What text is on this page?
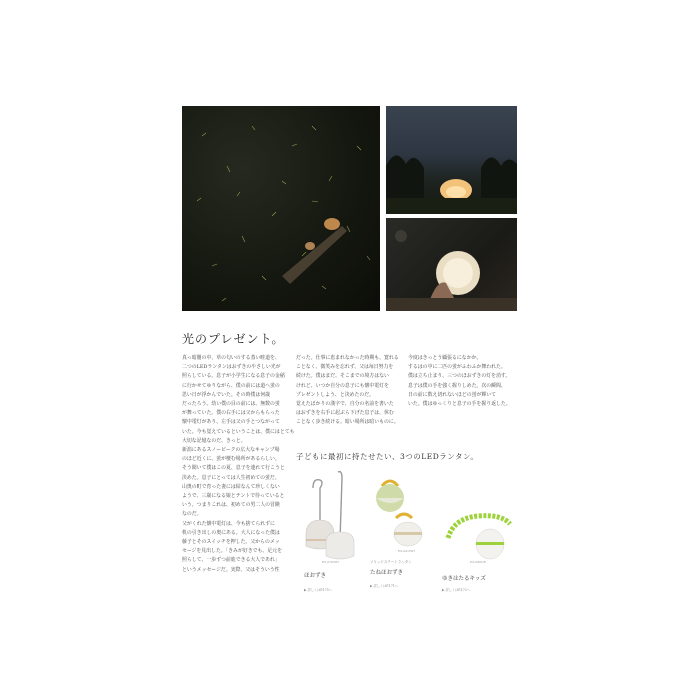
光のプレゼント。
真っ暗闇の中、草の匂いのする蒸い畦道を、
二つのLEDランタンはおずきのやさしい光が
照らしている。息子が小学生になる息子の金稲
に行かせてゆりながら、僕の前には道へ蛍の
思い日が浮かんでいた。その時僕は何歳
だったろう。幼い僕の目の前には、無数の蛍
が舞っていた。僕の右手には父からもらった
懐中電灯があり、左手は父の手とつながって
いた。今も覚えているということは、僕にはとても
大切な記憶なのだ、きっと。
新潟にあるスノーピークの広大なキャンプ場
のほど近くに、蛍が棲む場所があるらしい。
そう聞いて僕はこの夏、息子を連れて行こうと
決めた。息子にとっては人生初めての蛍だ。
山奥の町で育った妻には結なんて珍しくない
ようで、三歳になる娘とテントで待っていると
いう。つまりこれは、初めての男二人の冒険
なのだ。
父がくれた懐中電灯は、今も捨てられずに
机の引き出しの奥にある。大人になった僕は
藤子とそのスイッチを押した。父からのメッ
セージを見出した。「きみが好きでも、足元を
照らして、一歩ずつ前進できる大人であれ」
というメッセージだ。実際、父はそういう性
だった。仕事に恵まれなかった時期も、寛れる
ことなく、微笑みを忘れず、父は毎日努力を
続けた。僕はまだ、そこまでの境方はない
けれど、いつか自分の息子にも懐中電灯を
プレゼントしよう、と決めたのだ。
覚えたばかりの漢字で、自分の名前を書いた
はおずきを右手に起ぶら下げた息子は、休む
ことなく歩き続ける。暗い場所は暗いものに。
今度はきっとう顧張るになかか。
するはの中に二匹の蛍がふわふか舞われた。
僕は立ち止まり、三つのほおずきの灯を消す。
息子は僕の手を強く握りしめた。次の瞬間、
日の前に数え切れないほどの蛍が輝いて
いた。僕はゆっくりと息子の手を握り返した。
子どもに最初に持たせたい、3つのLEDランタン。
ES-070WH
ほおずき
▶ 詳しくはP.175へ
ES-041WH
ソリッドステートランタン
たねほおずき
▶ 詳しくはP.171へ
ES-080GR
ゆきはたるキッズ
▶ 詳しくはP.172へ
